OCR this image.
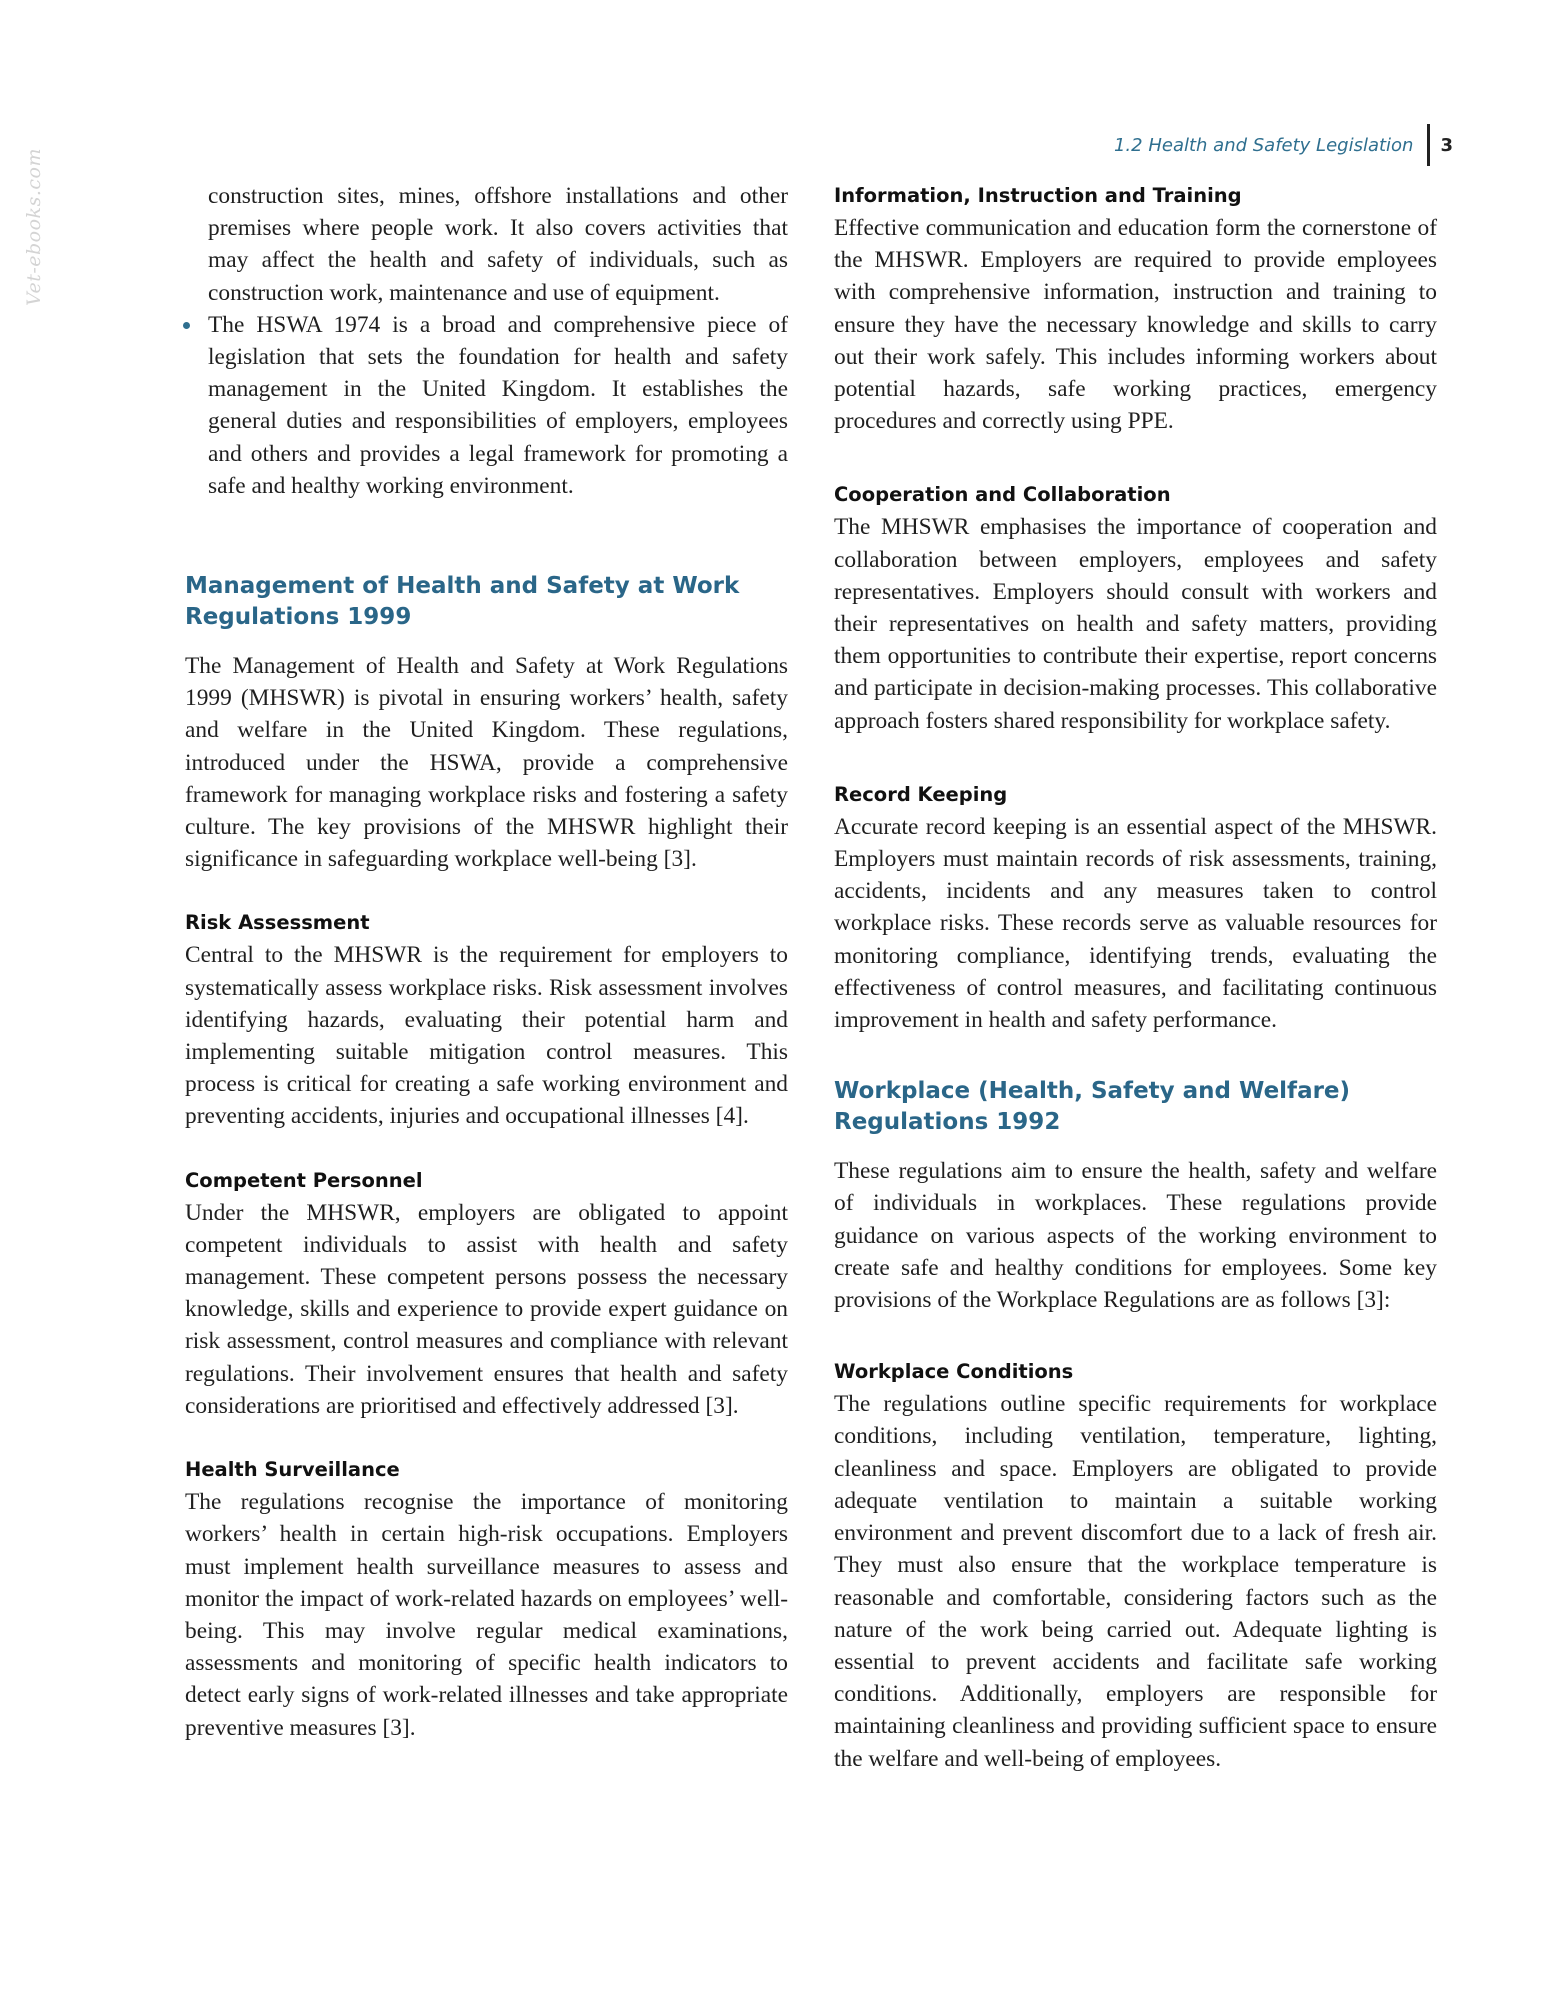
Vet-ebooks.com
1.2 Health and Safety Legislation 3
construction sites, mines, offshore installations and other premises where people work. It also covers activities that may affect the health and safety of individuals, such as construction work, maintenance and use of equipment.
The HSWA 1974 is a broad and comprehensive piece of legislation that sets the foundation for health and safety management in the United Kingdom. It establishes the general duties and responsibilities of employers, employees and others and provides a legal framework for promoting a safe and healthy working environment.
Management of Health and Safety at Work
Regulations 1999

The Management of Health and Safety at Work Regulations 1999 (MHSWR) is pivotal in ensuring workers’ health, safety and welfare in the United Kingdom. These regulations, introduced under the HSWA, provide a comprehensive framework for managing workplace risks and fostering a safety culture. The key provisions of the MHSWR highlight their significance in safeguarding workplace well-being [3].

Risk Assessment

Central to the MHSWR is the requirement for employers to systematically assess workplace risks. Risk assessment involves identifying hazards, evaluating their potential harm and implementing suitable mitigation control measures. This process is critical for creating a safe working environment and preventing accidents, injuries and occupational illnesses [4].

Competent Personnel

Under the MHSWR, employers are obligated to appoint competent individuals to assist with health and safety management. These competent persons possess the necessary knowledge, skills and experience to provide expert guidance on risk assessment, control measures and compliance with relevant regulations. Their involvement ensures that health and safety considerations are prioritised and effectively addressed [3].

Health Surveillance

The regulations recognise the importance of monitoring workers’ health in certain high-risk occupations. Employers must implement health surveillance measures to assess and monitor the impact of work-related hazards on employees’ well-being. This may involve regular medical examinations, assessments and monitoring of specific health indicators to detect early signs of work-related illnesses and take appropriate preventive measures [3].

Information, Instruction and Training

Effective communication and education form the cornerstone of the MHSWR. Employers are required to provide employees with comprehensive information, instruction and training to ensure they have the necessary knowledge and skills to carry out their work safely. This includes informing workers about potential hazards, safe working practices, emergency procedures and correctly using PPE.

Cooperation and Collaboration

The MHSWR emphasises the importance of cooperation and collaboration between employers, employees and safety representatives. Employers should consult with workers and their representatives on health and safety matters, providing them opportunities to contribute their expertise, report concerns and participate in decision-making processes. This collaborative approach fosters shared responsibility for workplace safety.

Record Keeping

Accurate record keeping is an essential aspect of the MHSWR. Employers must maintain records of risk assessments, training, accidents, incidents and any measures taken to control workplace risks. These records serve as valuable resources for monitoring compliance, identifying trends, evaluating the effectiveness of control measures, and facilitating continuous improvement in health and safety performance.

Workplace (Health, Safety and Welfare)
Regulations 1992

These regulations aim to ensure the health, safety and welfare of individuals in workplaces. These regulations provide guidance on various aspects of the working environment to create safe and healthy conditions for employees. Some key provisions of the Workplace Regulations are as follows [3]:

Workplace Conditions

The regulations outline specific requirements for workplace conditions, including ventilation, temperature, lighting, cleanliness and space. Employers are obligated to provide adequate ventilation to maintain a suitable working environment and prevent discomfort due to a lack of fresh air. They must also ensure that the workplace temperature is reasonable and comfortable, considering factors such as the nature of the work being carried out. Adequate lighting is essential to prevent accidents and facilitate safe working conditions. Additionally, employers are responsible for maintaining cleanliness and providing sufficient space to ensure the welfare and well-being of employees.
